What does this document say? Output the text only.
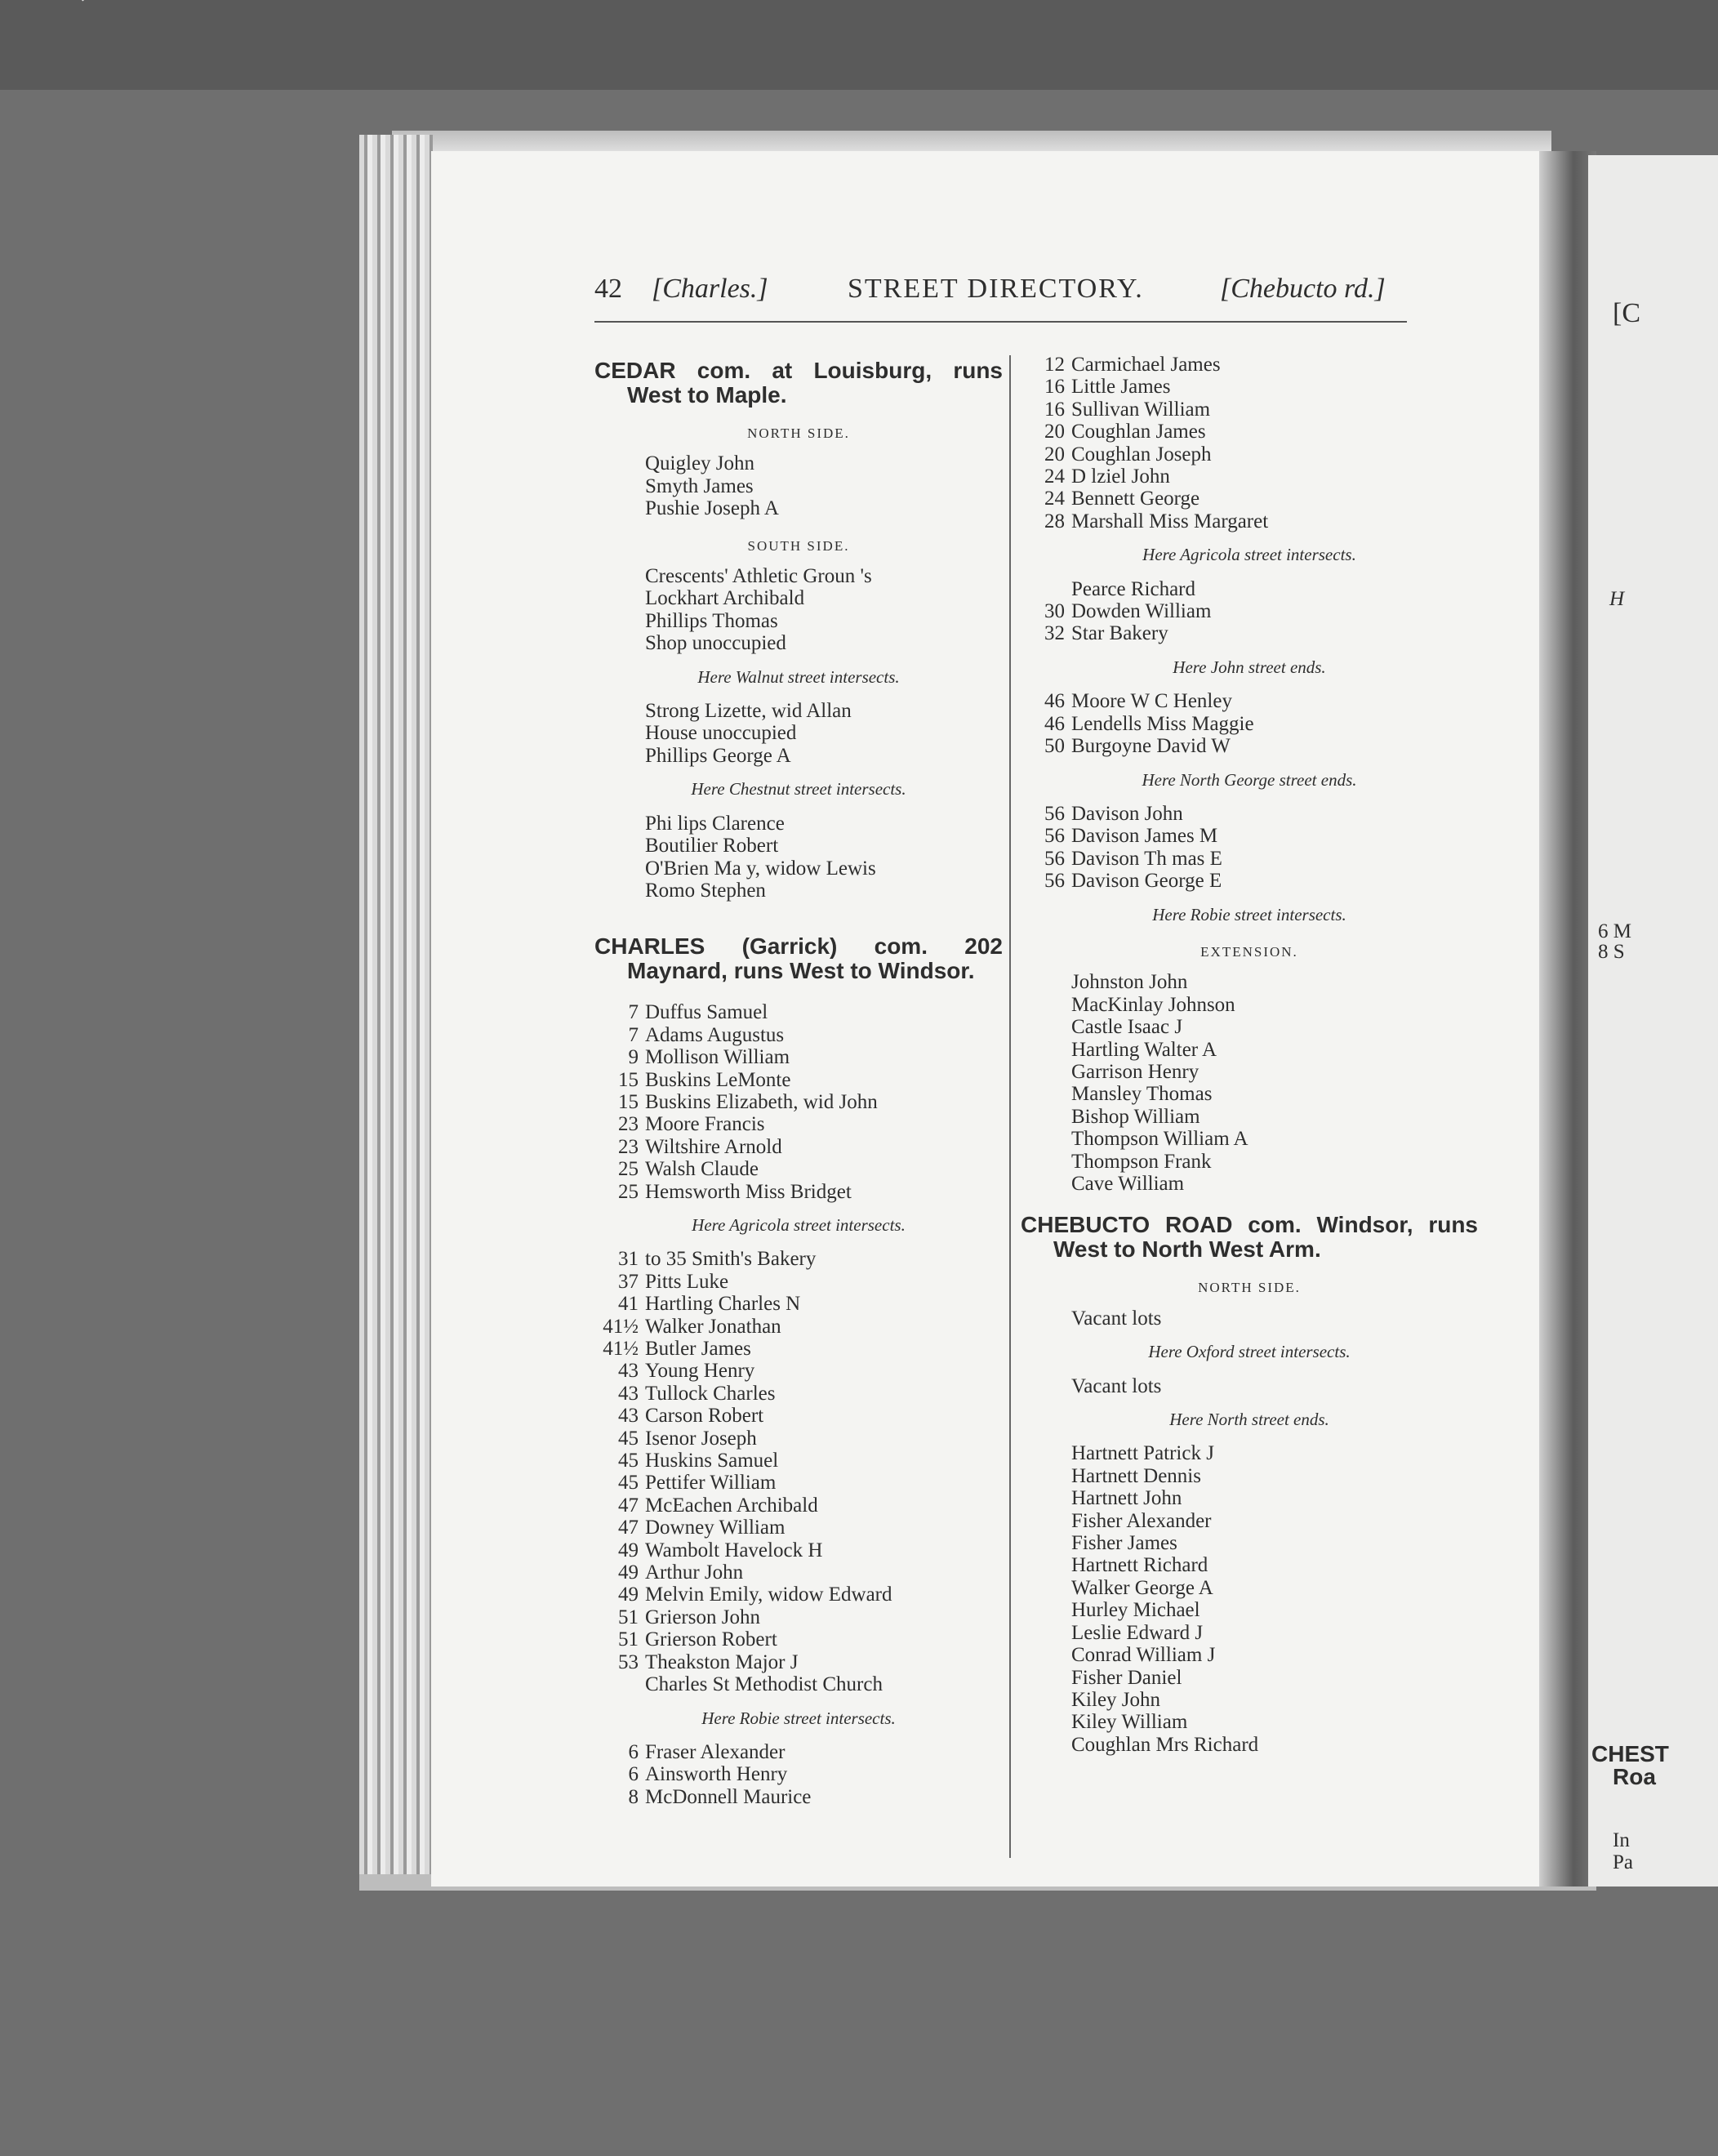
42 [Charles.]	STREET DIRECTORY.	[Chebucto rd.]
CEDAR com. at Louisburg, runs West to Maple.
NORTH SIDE.
Quigley John
Smyth James
Pushie Joseph A
SOUTH SIDE.
Crescents' Athletic Groun 's
Lockhart Archibald
Phillips Thomas
Shop unoccupied
Here Walnut street intersects.
Strong Lizette, wid Allan
House unoccupied
Phillips George A
Here Chestnut street intersects.
Phi lips Clarence
Boutilier Robert
O'Brien Ma y, widow Lewis
Romo Stephen
CHARLES (Garrick) com. 202 Maynard, runs West to Windsor.
7 Duffus Samuel
7 Adams Augustus
9 Mollison William
15 Buskins LeMonte
15 Buskins Elizabeth, wid John
23 Moore Francis
23 Wiltshire Arnold
25 Walsh Claude
25 Hemsworth Miss Bridget
Here Agricola street intersects.
31 to 35 Smith's Bakery
37 Pitts Luke
41 Hartling Charles N
41½ Walker Jonathan
41½ Butler James
43 Young Henry
43 Tullock Charles
43 Carson Robert
45 Isenor Joseph
45 Huskins Samuel
45 Pettifer William
47 McEachen Archibald
47 Downey William
49 Wambolt Havelock H
49 Arthur John
49 Melvin Emily, widow Edward
51 Grierson John
51 Grierson Robert
53 Theakston Major J
Charles St Methodist Church
Here Robie street intersects.
6 Fraser Alexander
6 Ainsworth Henry
8 McDonnell Maurice
12 Carmichael James
16 Little James
16 Sullivan William
20 Coughlan James
20 Coughlan Joseph
24 D lziel John
24 Bennett George
28 Marshall Miss Margaret
Here Agricola street intersects.
Pearce Richard
30 Dowden William
32 Star Bakery
Here John street ends.
46 Moore W C Henley
46 Lendells Miss Maggie
50 Burgoyne David W
Here North George street ends.
56 Davison John
56 Davison James M
56 Davison Th mas E
56 Davison George E
Here Robie street intersects.
EXTENSION.
Johnston John
MacKinlay Johnson
Castle Isaac J
Hartling Walter A
Garrison Henry
Mansley Thomas
Bishop William
Thompson William A
Thompson Frank
Cave William
CHEBUCTO ROAD com. Windsor, runs West to North West Arm.
NORTH SIDE.
Vacant lots
Here Oxford street intersects.
Vacant lots
Here North street ends.
Hartnett Patrick J
Hartnett Dennis
Hartnett John
Fisher Alexander
Fisher James
Hartnett Richard
Walker George A
Hurley Michael
Leslie Edward J
Conrad William J
Fisher Daniel
Kiley John
Kiley William
Coughlan Mrs Richard
[C
H
6 M
8 S
CHEST
Roa
In
Pa
